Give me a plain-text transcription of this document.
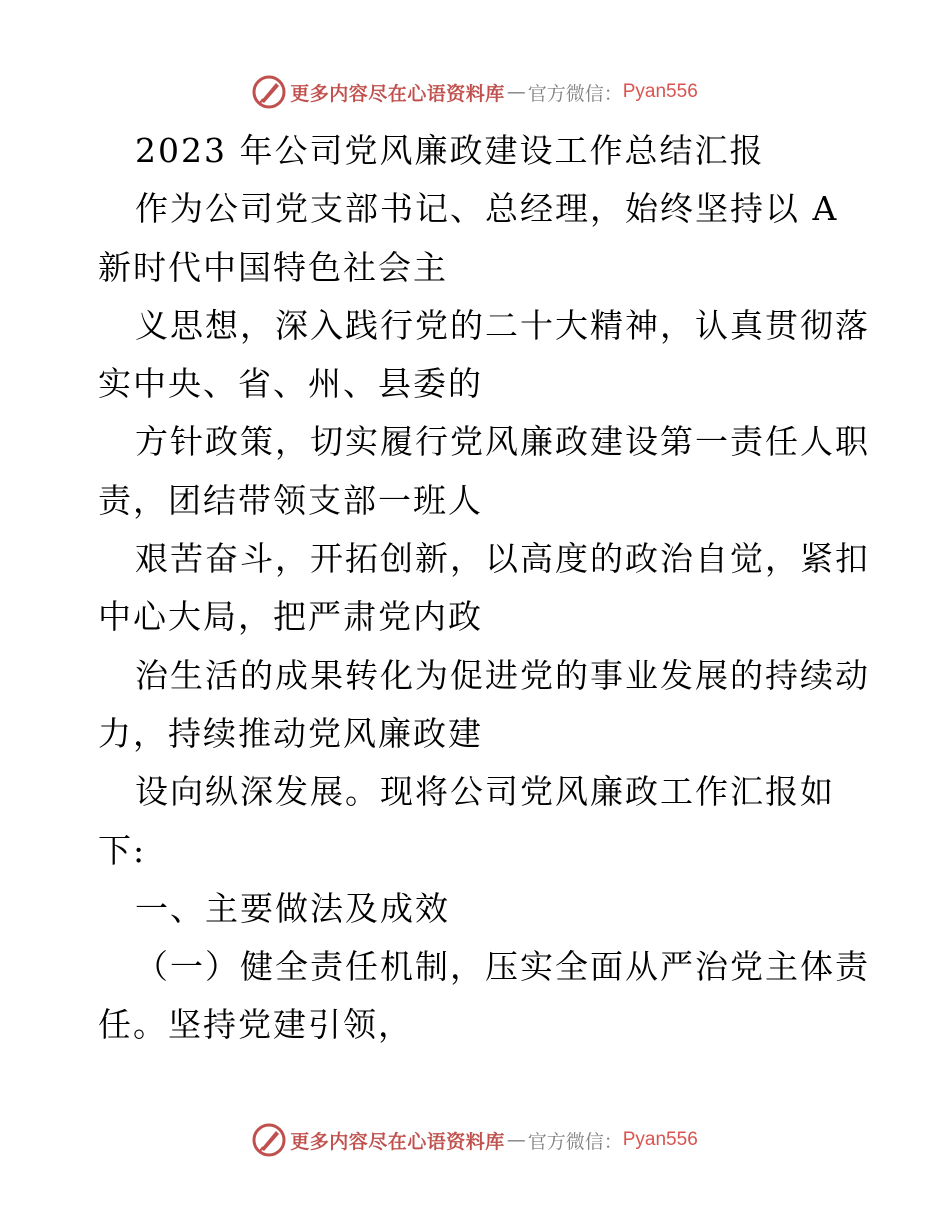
更多内容尽在心语资料库 — 官方微信： Pyan556
2023 年公司党风廉政建设工作总结汇报
作为公司党支部书记、总经理，始终坚持以 A
新时代中国特色社会主
义思想，深入践行党的二十大精神，认真贯彻落
实中央、省、州、县委的
方针政策，切实履行党风廉政建设第一责任人职
责，团结带领支部一班人
艰苦奋斗，开拓创新，以高度的政治自觉，紧扣
中心大局，把严肃党内政
治生活的成果转化为促进党的事业发展的持续动
力，持续推动党风廉政建
设向纵深发展。现将公司党风廉政工作汇报如
下:
一、主要做法及成效
（一）健全责任机制，压实全面从严治党主体责
任。坚持党建引领，
更多内容尽在心语资料库 — 官方微信： Pyan556
